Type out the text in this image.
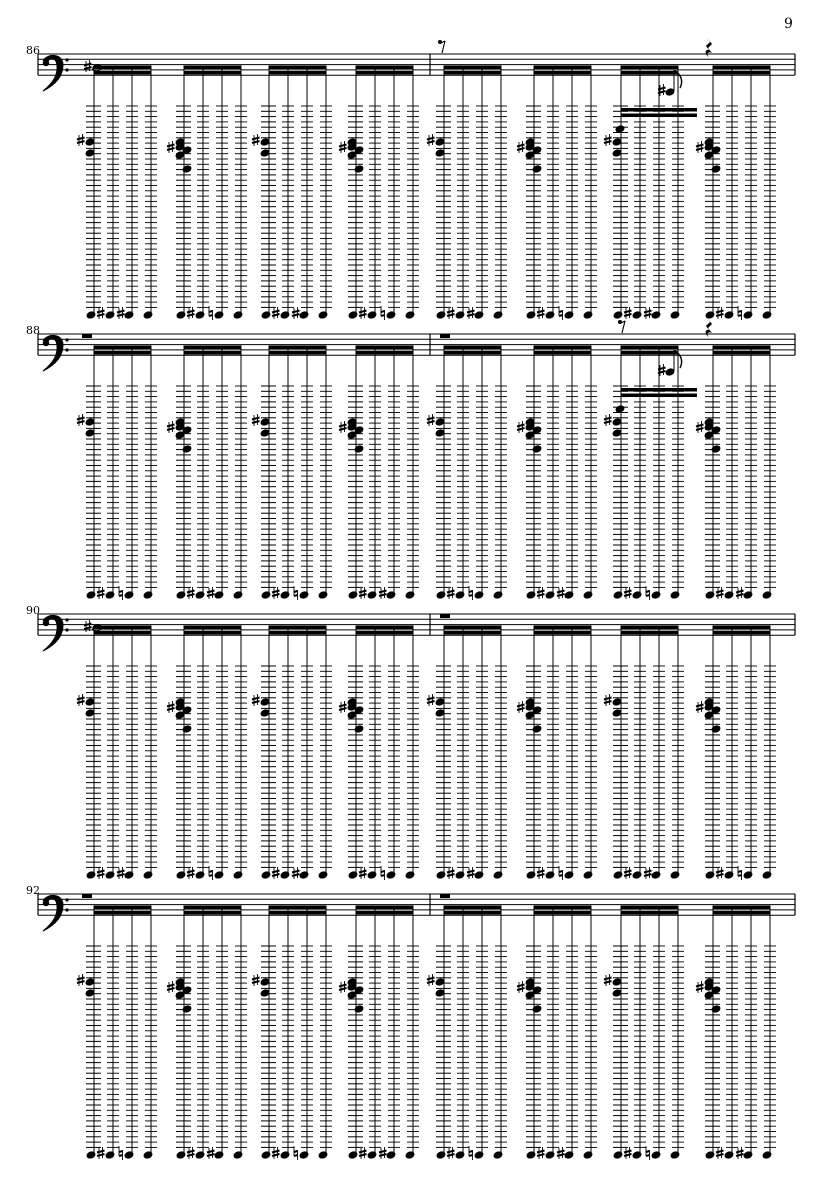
9
86
88
90
92
